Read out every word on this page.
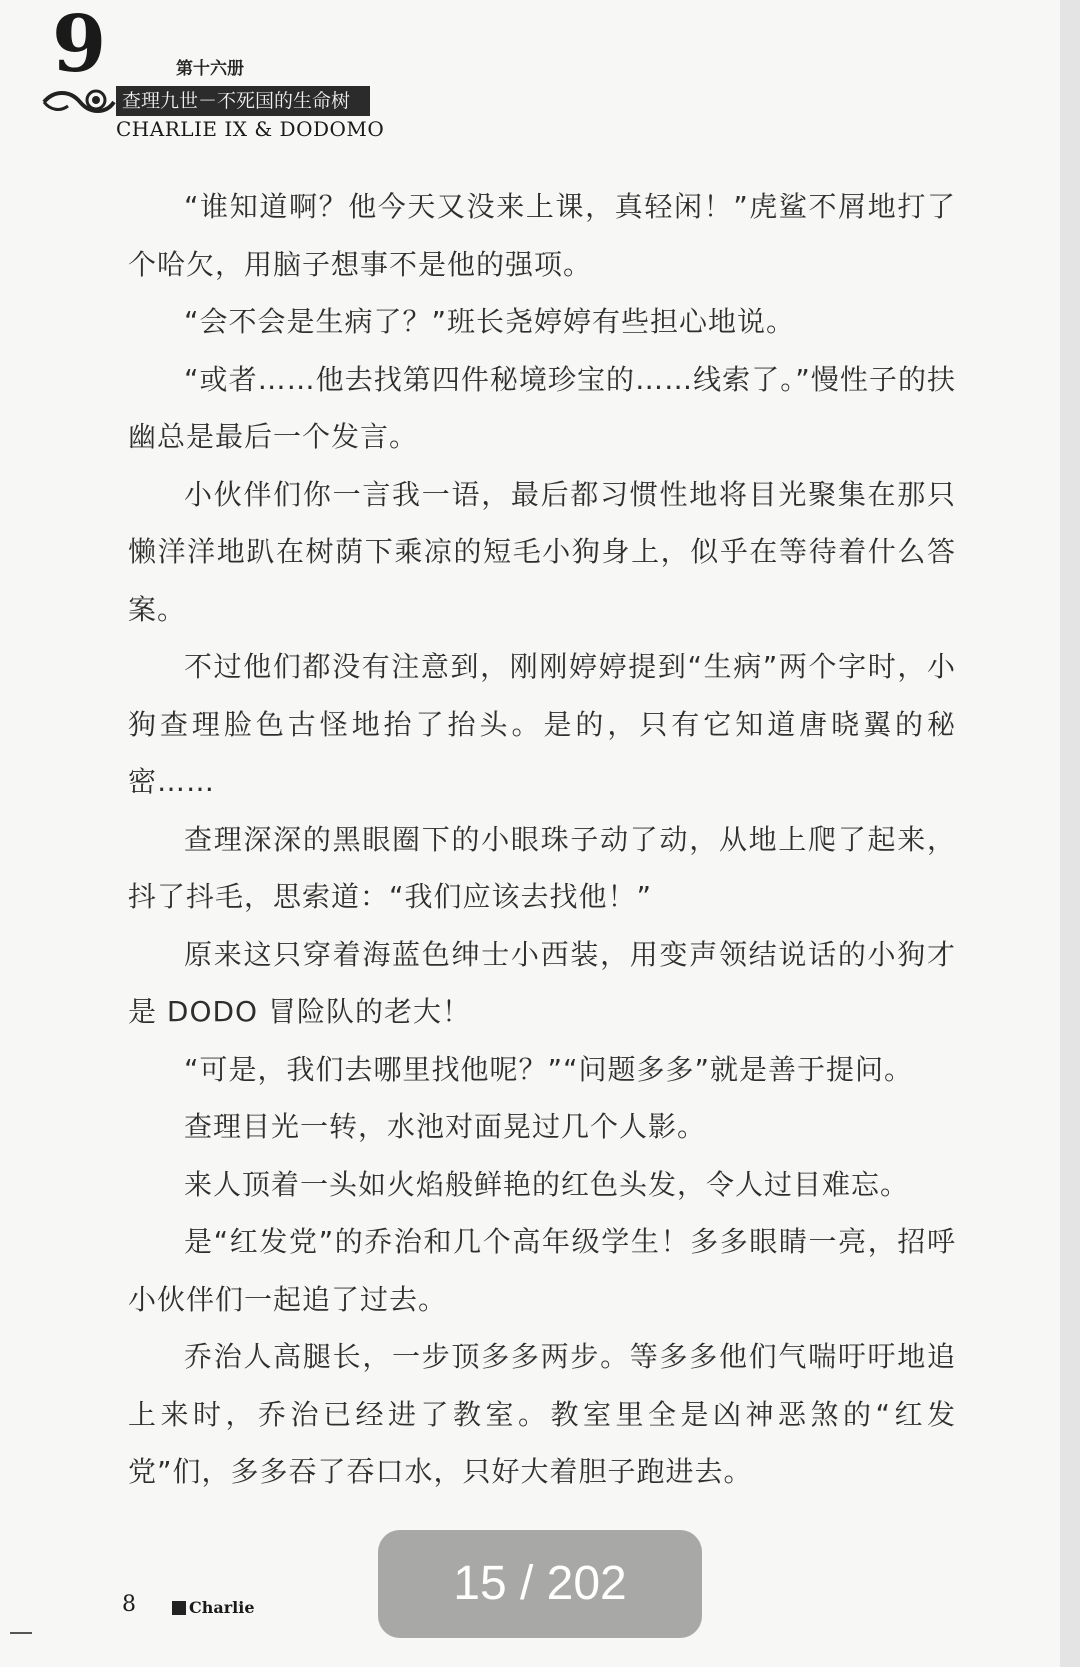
9	第十六册
查理九世－不死国的生命树
CHARLIE IX & DODOMO

“谁知道啊？他今天又没来上课，真轻闲！”虎鲨不屑地打了个哈欠，用脑子想事不是他的强项。

“会不会是生病了？”班长尧婷婷有些担心地说。

“或者……他去找第四件秘境珍宝的……线索了。”慢性子的扶幽总是最后一个发言。

小伙伴们你一言我一语，最后都习惯性地将目光聚集在那只懒洋洋地趴在树荫下乘凉的短毛小狗身上，似乎在等待着什么答案。

不过他们都没有注意到，刚刚婷婷提到“生病”两个字时，小狗查理脸色古怪地抬了抬头。是的，只有它知道唐晓翼的秘密……

查理深深的黑眼圈下的小眼珠子动了动，从地上爬了起来，抖了抖毛，思索道：“我们应该去找他！”

原来这只穿着海蓝色绅士小西装，用变声领结说话的小狗才是 DODO 冒险队的老大！

“可是，我们去哪里找他呢？”“问题多多”就是善于提问。

查理目光一转，水池对面晃过几个人影。

来人顶着一头如火焰般鲜艳的红色头发，令人过目难忘。

是“红发党”的乔治和几个高年级学生！多多眼睛一亮，招呼小伙伴们一起追了过去。

乔治人高腿长，一步顶多多两步。等多多他们气喘吁吁地追上来时，乔治已经进了教室。教室里全是凶神恶煞的“红发党”们，多多吞了吞口水，只好大着胆子跑进去。

8	Charlie	15 / 202
